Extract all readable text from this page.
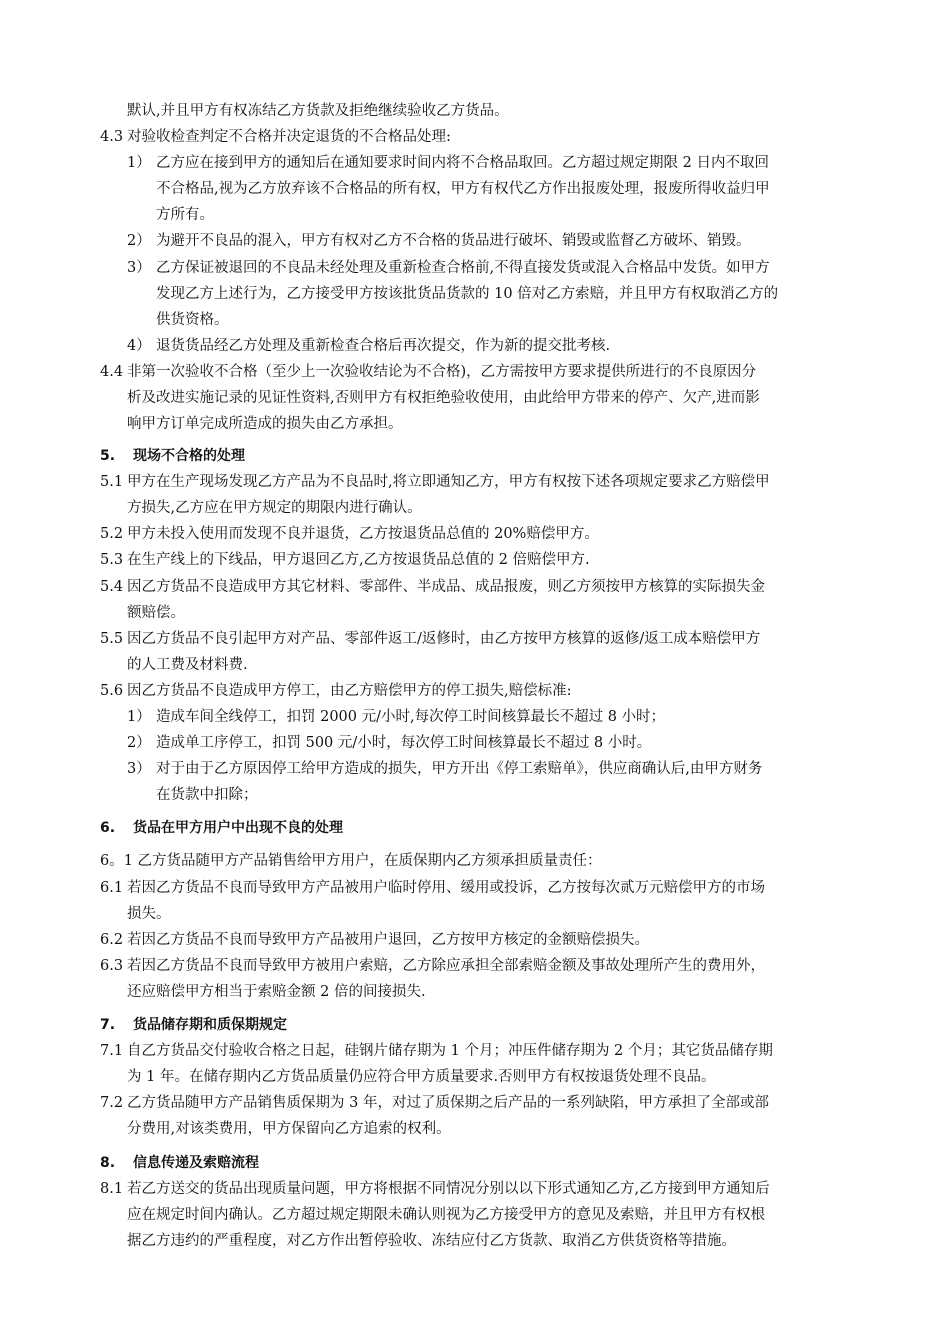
默认,并且甲方有权冻结乙方货款及拒绝继续验收乙方货品。
4.3 对验收检查判定不合格并决定退货的不合格品处理:
1） 乙方应在接到甲方的通知后在通知要求时间内将不合格品取回。乙方超过规定期限 2 日内不取回
不合格品,视为乙方放弃该不合格品的所有权，甲方有权代乙方作出报废处理，报废所得收益归甲
方所有。
2） 为避开不良品的混入，甲方有权对乙方不合格的货品进行破坏、销毁或监督乙方破坏、销毁。
3） 乙方保证被退回的不良品未经处理及重新检查合格前,不得直接发货或混入合格品中发货。如甲方
发现乙方上述行为，乙方接受甲方按该批货品货款的 10 倍对乙方索赔，并且甲方有权取消乙方的
供货资格。
4） 退货货品经乙方处理及重新检查合格后再次提交，作为新的提交批考核.
4.4 非第一次验收不合格（至少上一次验收结论为不合格)，乙方需按甲方要求提供所进行的不良原因分
析及改进实施记录的见证性资料,否则甲方有权拒绝验收使用，由此给甲方带来的停产、欠产,进而影
响甲方订单完成所造成的损失由乙方承担。
5. 现场不合格的处理
5.1 甲方在生产现场发现乙方产品为不良品时,将立即通知乙方，甲方有权按下述各项规定要求乙方赔偿甲
方损失,乙方应在甲方规定的期限内进行确认。
5.2 甲方未投入使用而发现不良并退货，乙方按退货品总值的 20%赔偿甲方。
5.3 在生产线上的下线品，甲方退回乙方,乙方按退货品总值的 2 倍赔偿甲方.
5.4 因乙方货品不良造成甲方其它材料、零部件、半成品、成品报废，则乙方须按甲方核算的实际损失金
额赔偿。
5.5 因乙方货品不良引起甲方对产品、零部件返工/返修时，由乙方按甲方核算的返修/返工成本赔偿甲方
的人工费及材料费.
5.6 因乙方货品不良造成甲方停工，由乙方赔偿甲方的停工损失,赔偿标准:
1） 造成车间全线停工，扣罚 2000 元/小时,每次停工时间核算最长不超过 8 小时；
2） 造成单工序停工，扣罚 500 元/小时，每次停工时间核算最长不超过 8 小时。
3） 对于由于乙方原因停工给甲方造成的损失，甲方开出《停工索赔单》，供应商确认后,由甲方财务
在货款中扣除；
6. 货品在甲方用户中出现不良的处理
6。1 乙方货品随甲方产品销售给甲方用户，在质保期内乙方须承担质量责任：
6.1 若因乙方货品不良而导致甲方产品被用户临时停用、缓用或投诉，乙方按每次贰万元赔偿甲方的市场
损失。
6.2 若因乙方货品不良而导致甲方产品被用户退回，乙方按甲方核定的金额赔偿损失。
6.3 若因乙方货品不良而导致甲方被用户索赔，乙方除应承担全部索赔金额及事故处理所产生的费用外，
还应赔偿甲方相当于索赔金额 2 倍的间接损失.
7. 货品储存期和质保期规定
7.1 自乙方货品交付验收合格之日起，硅钢片储存期为 1 个月；冲压件储存期为 2 个月；其它货品储存期
为 1 年。在储存期内乙方货品质量仍应符合甲方质量要求.否则甲方有权按退货处理不良品。
7.2 乙方货品随甲方产品销售质保期为 3 年，对过了质保期之后产品的一系列缺陷，甲方承担了全部或部
分费用,对该类费用，甲方保留向乙方追索的权利。
8. 信息传递及索赔流程
8.1 若乙方送交的货品出现质量问题，甲方将根据不同情况分别以以下形式通知乙方,乙方接到甲方通知后
应在规定时间内确认。乙方超过规定期限未确认则视为乙方接受甲方的意见及索赔，并且甲方有权根
据乙方违约的严重程度，对乙方作出暂停验收、冻结应付乙方货款、取消乙方供货资格等措施。
